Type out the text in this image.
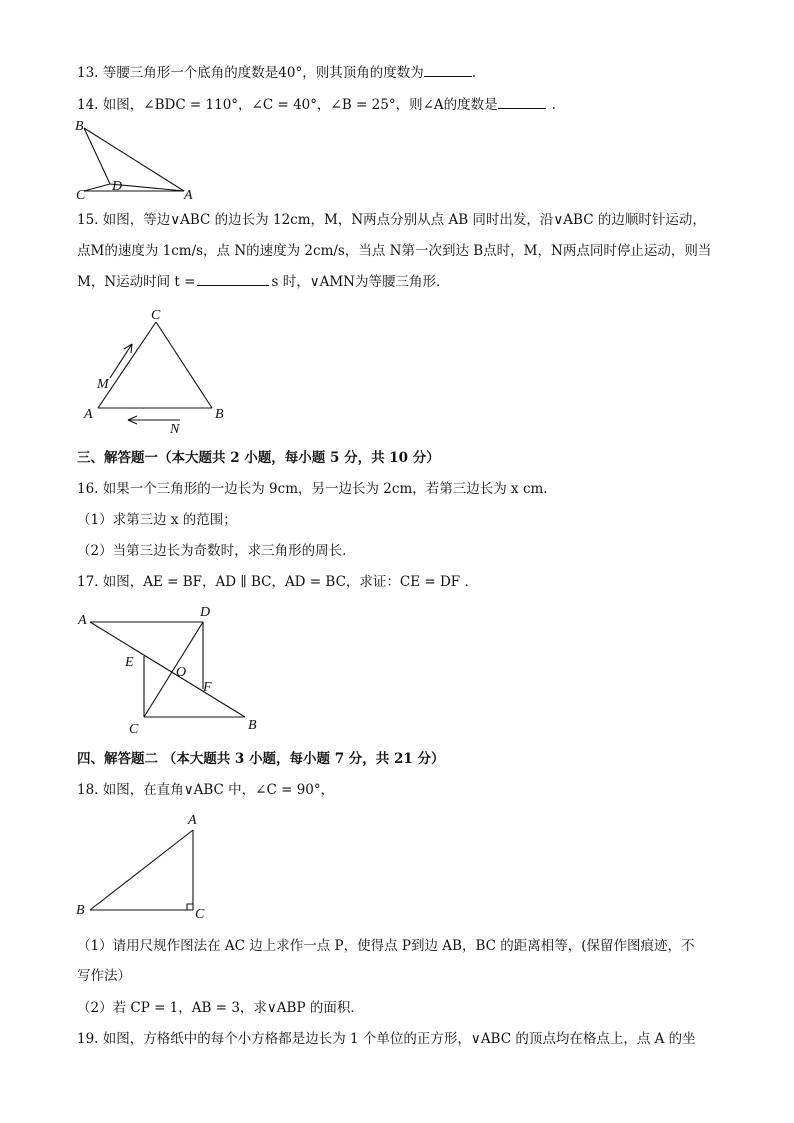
13. 等腰三角形一个底角的度数是40°，则其顶角的度数为	.
14. 如图，∠BDC = 110°，∠C = 40°，∠B = 25°，则∠A的度数是	.
B
C
D
A
15. 如图，等边∨ABC 的边长为 12cm，M，N两点分别从点 AB 同时出发，沿∨ABC 的边顺时针运动，
点M的速度为 1cm/s，点 N的速度为 2cm/s，当点 N第一次到达 B点时，M，N两点同时停止运动，则当
M，N运动时间 t =	s 时，∨AMN为等腰三角形．
C
M
A	B
N
三、解答题一（本大题共 2 小题，每小题 5 分，共 10 分）
16. 如果一个三角形的一边长为 9cm，另一边长为 2cm，若第三边长为 x cm.
（1）求第三边 x 的范围；
（2）当第三边长为奇数时，求三角形的周长.
17. 如图，AE = BF，AD ∥ BC，AD = BC，求证：CE = DF ．
A
D
E
O
F
C	B
四、解答题二 （本大题共 3 小题，每小题 7 分，共 21 分）
18. 如图，在直角∨ABC 中，∠C = 90°，
A
B	C
（1）请用尺规作图法在 AC 边上求作一点 P，使得点 P到边 AB，BC 的距离相等，(保留作图痕迹，不
写作法）
（2）若 CP = 1，AB = 3，求∨ABP 的面积．
19. 如图，方格纸中的每个小方格都是边长为 1 个单位的正方形，∨ABC 的顶点均在格点上，点 A 的坐
